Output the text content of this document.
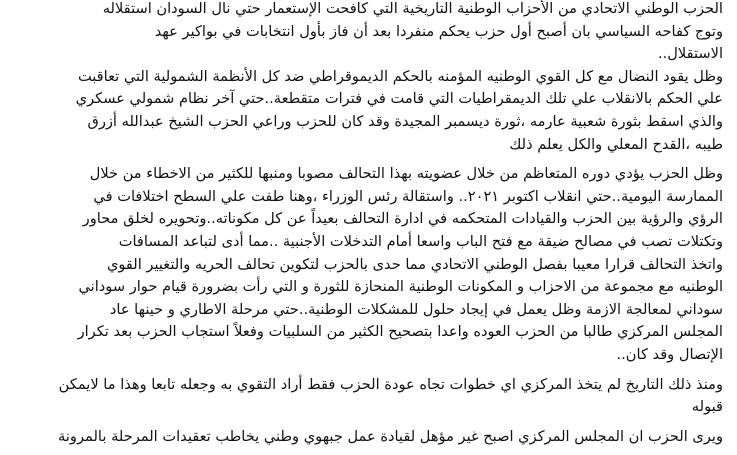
الحزب الوطني الاتحادي من الأحزاب الوطنية التاريخية التي كافحت الإستعمار حتي نال السودان استقلاله
وتوج كفاحه السياسي بان أصبح أول حزب يحكم منفردا بعد أن فاز بأول انتخابات في بواكير عهد
الاستقلال..
وظل يقود النضال مع كل القوي الوطنيه المؤمنه بالحكم الديموقراطي ضد كل الأنظمة الشمولية التي تعاقبت
علي الحكم بالانقلاب علي تلك الديمقراطيات التي قامت في فترات متقطعة..حتي آخر نظام شمولي عسكري
والذي اسقط بثورة شعبية عارمه ،ثورة ديسمبر المجيدة وقد كان للحزب وراعي الحزب الشيخ عبدالله أزرق
طيبه ،القدح المعلي والكل يعلم ذلك

وظل الحزب يؤدي دوره المتعاظم من خلال عضويته بهذا التحالف مصوبا ومنبها للكثير من الاخطاء من خلال
الممارسة اليومية..حتي انقلاب اكتوبر ٢٠٢١.. واستقالة رئس الوزراء ،وهنا طفت علي السطح اختلافات في
الرؤي والرؤية بين الحزب والقيادات المتحكمه في ادارة التحالف بعيداً عن كل مكوناته..وتحويره لخلق محاور
وتكتلات تصب في مصالح ضيقة مع فتح الباب واسعا أمام التدخلات الأجنبية ..مما أدى لتباعد المسافات
واتخذ التحالف قرارا معيبا بفصل الوطني الاتحادي مما حدى بالحزب لتكوين تحالف الحريه والتغيير القوي
الوطنيه مع مجموعة من الاحزاب و المكونات الوطنية المنحازة للثورة و التي رأت بضرورة قيام حوار سوداني
سوداني لمعالجة الازمة وظل يعمل في إيجاد حلول للمشكلات الوطنية..حتي مرحلة الاطاري و حينها عاد
المجلس المركزي طالبا من الحزب العوده واعدا بتصحيح الكثير من السلبيات وفعلاً استجاب الحزب بعد تكرار
الإتصال وقد كان..

ومنذ ذلك التاريخ لم يتخذ المركزي اي خطوات تجاه عودة الحزب فقط أراد التقوي به وجعله تابعا وهذا ما لايمكن
قبوله

ويرى الحزب ان المجلس المركزي اصبح غير مؤهل لقيادة عمل جبهوي وطني يخاطب تعقيدات المرحلة بالمرونة
